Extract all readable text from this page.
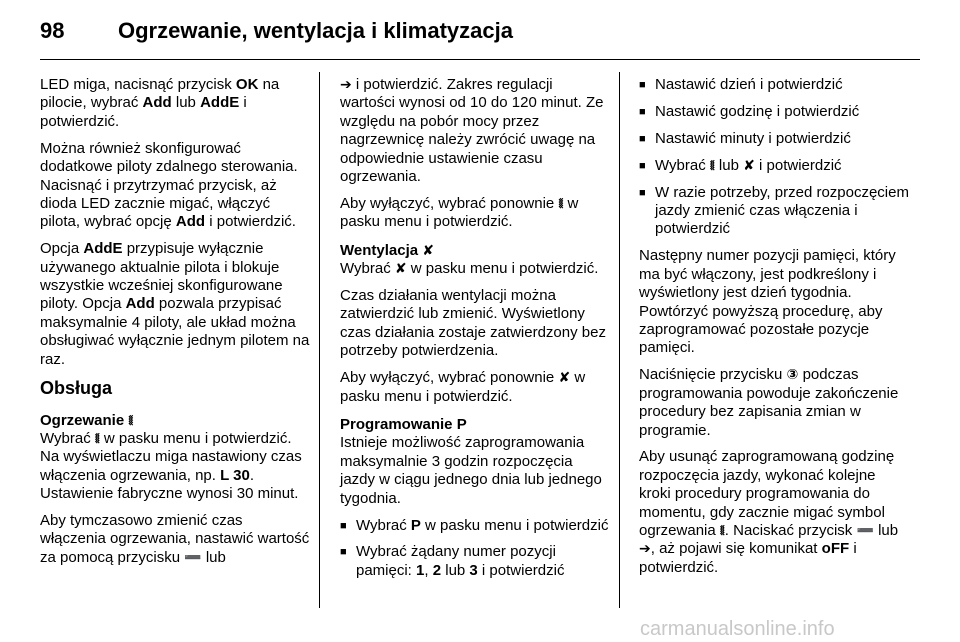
98 Ogrzewanie, wentylacja i klimatyzacja

LED miga, nacisnąć przycisk OK na pilocie, wybrać Add lub AddE i potwierdzić.

Można również skonfigurować dodatkowe piloty zdalnego sterowania. Nacisnąć i przytrzymać przycisk, aż dioda LED zacznie migać, włączyć pilota, wybrać opcję Add i potwierdzić.

Opcja AddE przypisuje wyłącznie używanego aktualnie pilota i blokuje wszystkie wcześniej skonfigurowane piloty. Opcja Add pozwala przypisać maksymalnie 4 piloty, ale układ można obsługiwać wyłącznie jednym pilotem na raz.

Obsługa
Ogrzewanie ⧛

Wybrać ⧛ w pasku menu i potwierdzić. Na wyświetlaczu miga nastawiony czas włączenia ogrzewania, np. L 30. Ustawienie fabryczne wynosi 30 minut.

Aby tymczasowo zmienić czas włączenia ogrzewania, nastawić wartość za pomocą przycisku ➖ lub

➔ i potwierdzić. Zakres regulacji wartości wynosi od 10 do 120 minut. Ze względu na pobór mocy przez nagrzewnicę należy zwrócić uwagę na odpowiednie ustawienie czasu ogrzewania.

Aby wyłączyć, wybrać ponownie ⧛ w pasku menu i potwierdzić.

Wentylacja ✘

Wybrać ✘ w pasku menu i potwierdzić.

Czas działania wentylacji można zatwierdzić lub zmienić. Wyświetlony czas działania zostaje zatwierdzony bez potrzeby potwierdzenia.

Aby wyłączyć, wybrać ponownie ✘ w pasku menu i potwierdzić.

Programowanie P

Istnieje możliwość zaprogramowania maksymalnie 3 godzin rozpoczęcia jazdy w ciągu jednego dnia lub jednego tygodnia.

■ Wybrać P w pasku menu i potwierdzić
■ Wybrać żądany numer pozycji pamięci: 1, 2 lub 3 i potwierdzić
■ Nastawić dzień i potwierdzić
■ Nastawić godzinę i potwierdzić
■ Nastawić minuty i potwierdzić
■ Wybrać ⧛ lub ✘ i potwierdzić
■ W razie potrzeby, przed rozpoczęciem jazdy zmienić czas włączenia i potwierdzić

Następny numer pozycji pamięci, który ma być włączony, jest podkreślony i wyświetlony jest dzień tygodnia. Powtórzyć powyższą procedurę, aby zaprogramować pozostałe pozycje pamięci.

Naciśnięcie przycisku ③ podczas programowania powoduje zakończenie procedury bez zapisania zmian w programie.

Aby usunąć zaprogramowaną godzinę rozpoczęcia jazdy, wykonać kolejne kroki procedury programowania do momentu, gdy zacznie migać symbol ogrzewania ⧛. Naciskać przycisk ➖ lub ➔, aż pojawi się komunikat oFF i potwierdzić.

carmanualsonline.info
